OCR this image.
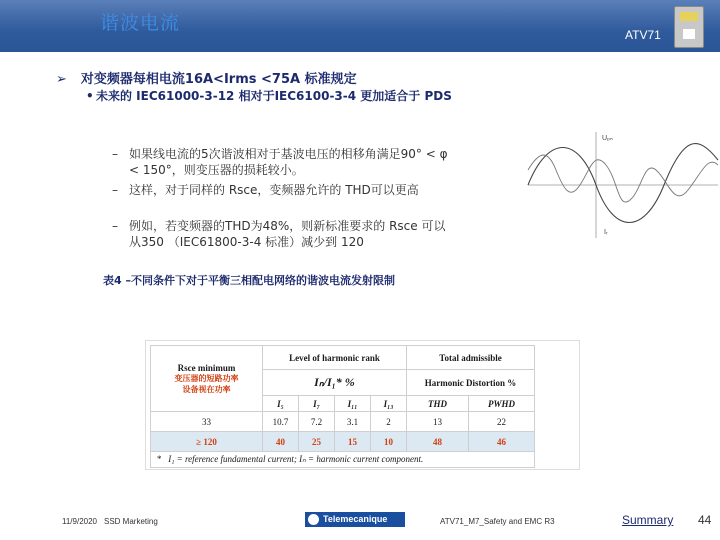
谐波电流
ATV71
➢ 对变频器每相电流16A<Irms <75A 标准规定
• 未来的 IEC61000-3-12 相对于IEC6100-3-4 更加适合于 PDS
– 如果线电流的5次谐波相对于基波电压的相移角满足90° < φ < 150°，则变压器的损耗较小。
– 这样，对于同样的 Rsce，变频器允许的 THD可以更高
– 例如，若变频器的THD为48%，则新标准要求的 Rsce 可以 从350 （IEC61800-3-4 标准）减少到 120
Uₚₙ
Iᵣ
表4 –不同条件下对于平衡三相配电网络的谐波电流发射限制
Rsce minimum
变压器的短路功率
设备视在功率	Level of harmonic rank				Total admissible	
	Iₙ/I₁* %				Harmonic Distortion %	
	I₅	I₇	I₁₁	I₁₃	THD	PWHD
33	10.7	7.2	3.1	2	13	22
≥ 120	40	25	15	10	48	46
* I₁ = reference fundamental current; Iₙ = harmonic current component.						
11/9/2020 SSD Marketing	Telemecanique	ATV71_M7_Safety and EMC R3	Summary 44
